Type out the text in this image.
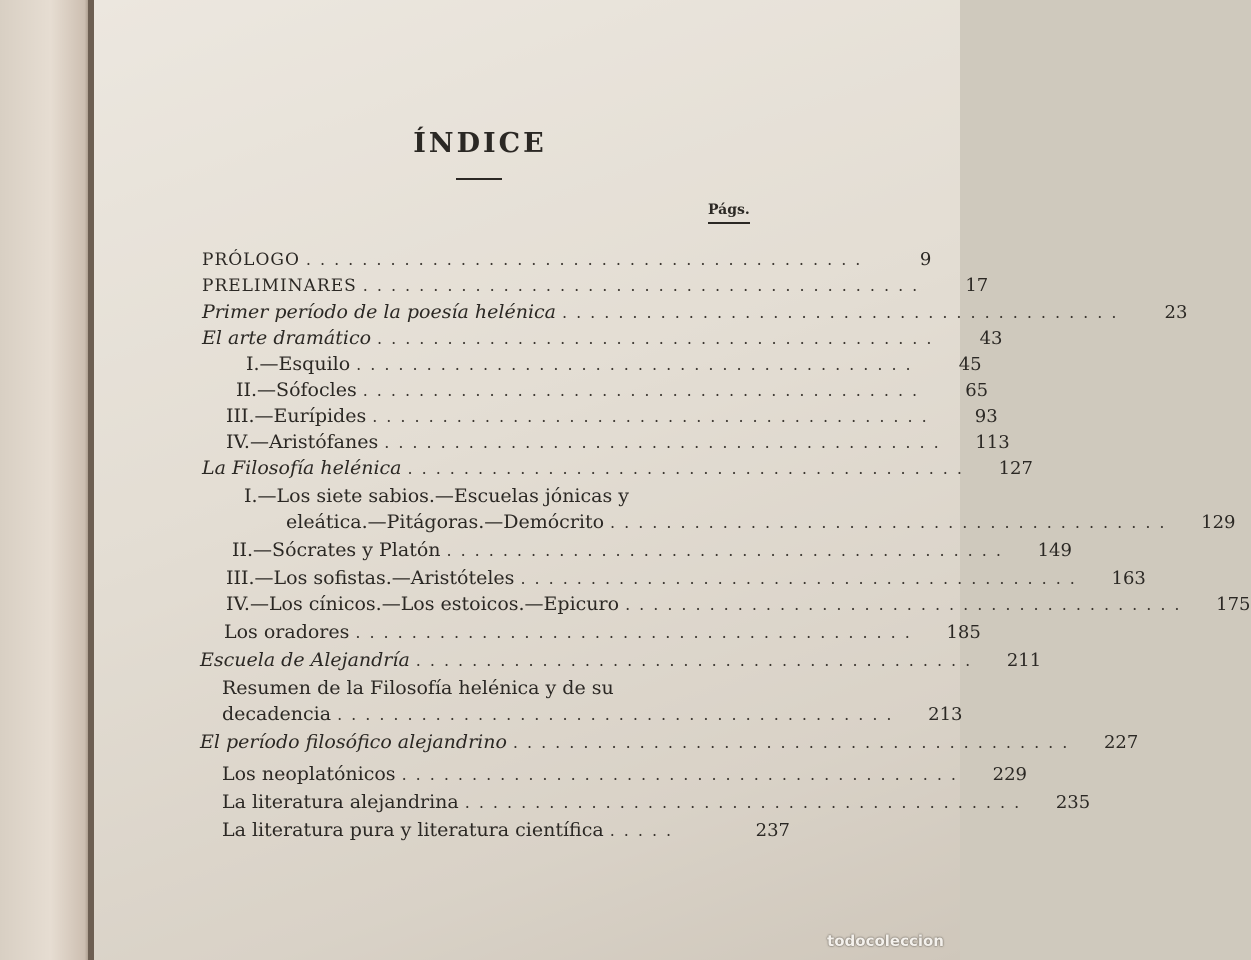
ÍNDICE
Págs.
PRÓLOGO ........................................	9
PRELIMINARES ........................................	17
Primer período de la poesía helénica ........................................	23
El arte dramático ........................................	43
I.—Esquilo ........................................	45
II.—Sófocles ........................................	65
III.—Eurípides ........................................	93
IV.—Aristófanes ........................................	113
La Filosofía helénica ........................................	127
I.—Los siete sabios.—Escuelas jónicas y
eleática.—Pitágoras.—Demócrito ........................................	129
II.—Sócrates y Platón ........................................	149
III.—Los sofistas.—Aristóteles ........................................	163
IV.—Los cínicos.—Los estoicos.—Epicuro ........................................	175
Los oradores ........................................	185
Escuela de Alejandría ........................................	211
Resumen de la Filosofía helénica y de su
decadencia ........................................	213
El período filosófico alejandrino ........................................	227
Los neoplatónicos ........................................	229
La literatura alejandrina ........................................	235
La literatura pura y literatura científica .....	237
todocoleccion
